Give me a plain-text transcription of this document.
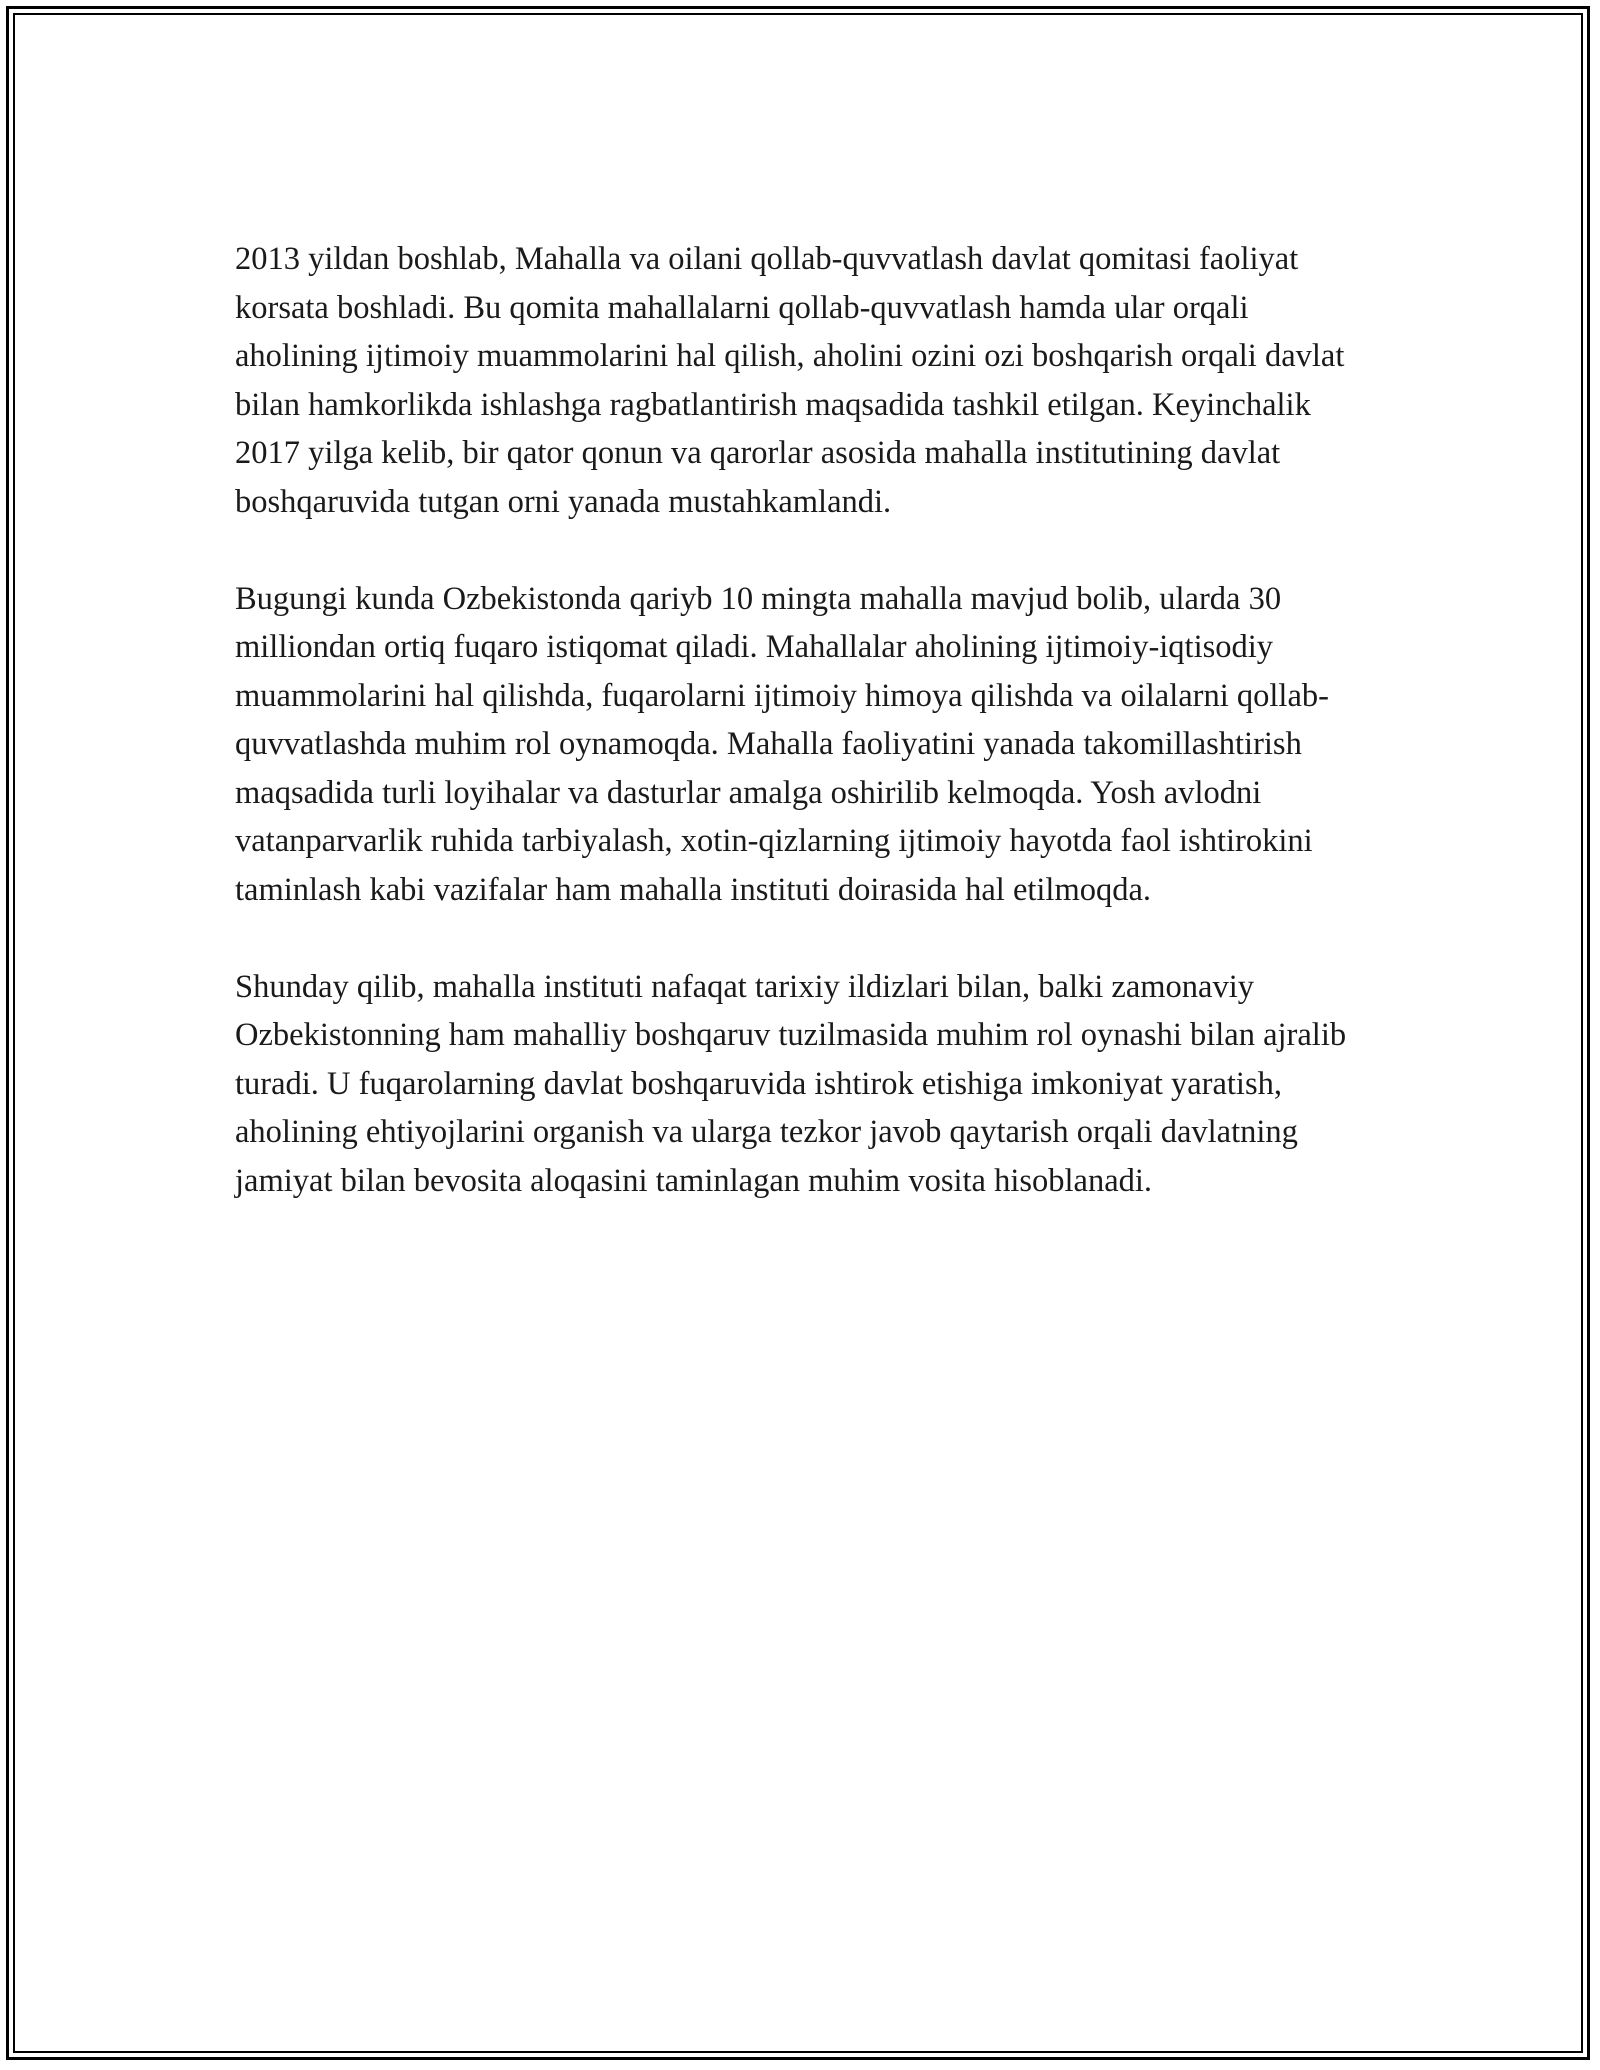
2013 yildan boshlab, Mahalla va oilani qollab-quvvatlash davlat qomitasi faoliyat korsata boshladi. Bu qomita mahallalarni qollab-quvvatlash hamda ular orqali aholining ijtimoiy muammolarini hal qilish, aholini ozini ozi boshqarish orqali davlat bilan hamkorlikda ishlashga ragbatlantirish maqsadida tashkil etilgan. Keyinchalik 2017 yilga kelib, bir qator qonun va qarorlar asosida mahalla institutining davlat boshqaruvida tutgan orni yanada mustahkamlandi.

Bugungi kunda Ozbekistonda qariyb 10 mingta mahalla mavjud bolib, ularda 30 milliondan ortiq fuqaro istiqomat qiladi. Mahallalar aholining ijtimoiy-iqtisodiy muammolarini hal qilishda, fuqarolarni ijtimoiy himoya qilishda va oilalarni qollab-quvvatlashda muhim rol oynamoqda. Mahalla faoliyatini yanada takomillashtirish maqsadida turli loyihalar va dasturlar amalga oshirilib kelmoqda. Yosh avlodni vatanparvarlik ruhida tarbiyalash, xotin-qizlarning ijtimoiy hayotda faol ishtirokini taminlash kabi vazifalar ham mahalla instituti doirasida hal etilmoqda.

Shunday qilib, mahalla instituti nafaqat tarixiy ildizlari bilan, balki zamonaviy Ozbekistonning ham mahalliy boshqaruv tuzilmasida muhim rol oynashi bilan ajralib turadi. U fuqarolarning davlat boshqaruvida ishtirok etishiga imkoniyat yaratish, aholining ehtiyojlarini organish va ularga tezkor javob qaytarish orqali davlatning jamiyat bilan bevosita aloqasini taminlagan muhim vosita hisoblanadi.
